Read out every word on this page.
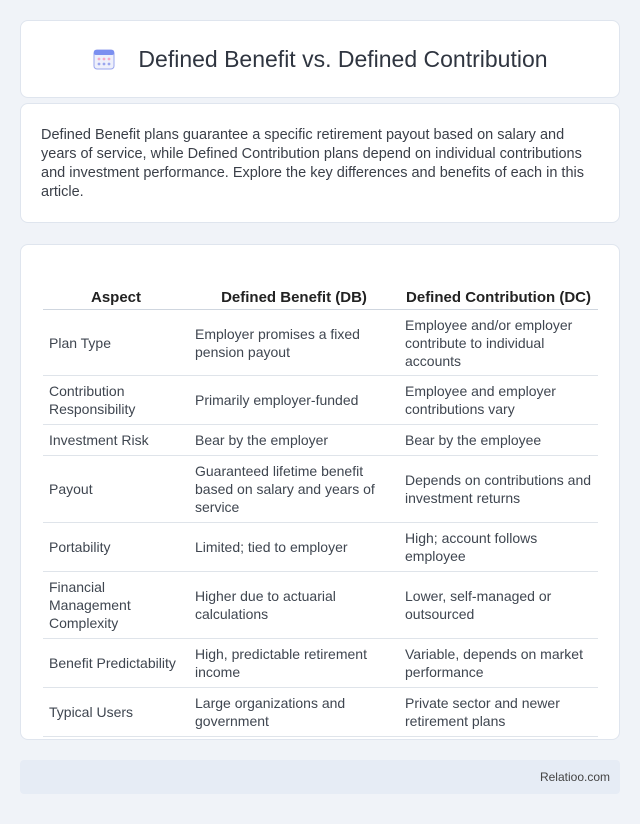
Defined Benefit vs. Defined Contribution

Defined Benefit plans guarantee a specific retirement payout based on salary and years of service, while Defined Contribution plans depend on individual contributions and investment performance. Explore the key differences and benefits of each in this article.

Aspect	Defined Benefit (DB)	Defined Contribution (DC)
Plan Type	Employer promises a fixed pension payout	Employee and/or employer contribute to individual accounts
Contribution Responsibility	Primarily employer-funded	Employee and employer contributions vary
Investment Risk	Bear by the employer	Bear by the employee
Payout	Guaranteed lifetime benefit based on salary and years of service	Depends on contributions and investment returns
Portability	Limited; tied to employer	High; account follows employee
Financial Management Complexity	Higher due to actuarial calculations	Lower, self-managed or outsourced
Benefit Predictability	High, predictable retirement income	Variable, depends on market performance
Typical Users	Large organizations and government	Private sector and newer retirement plans
Relatioo.com
